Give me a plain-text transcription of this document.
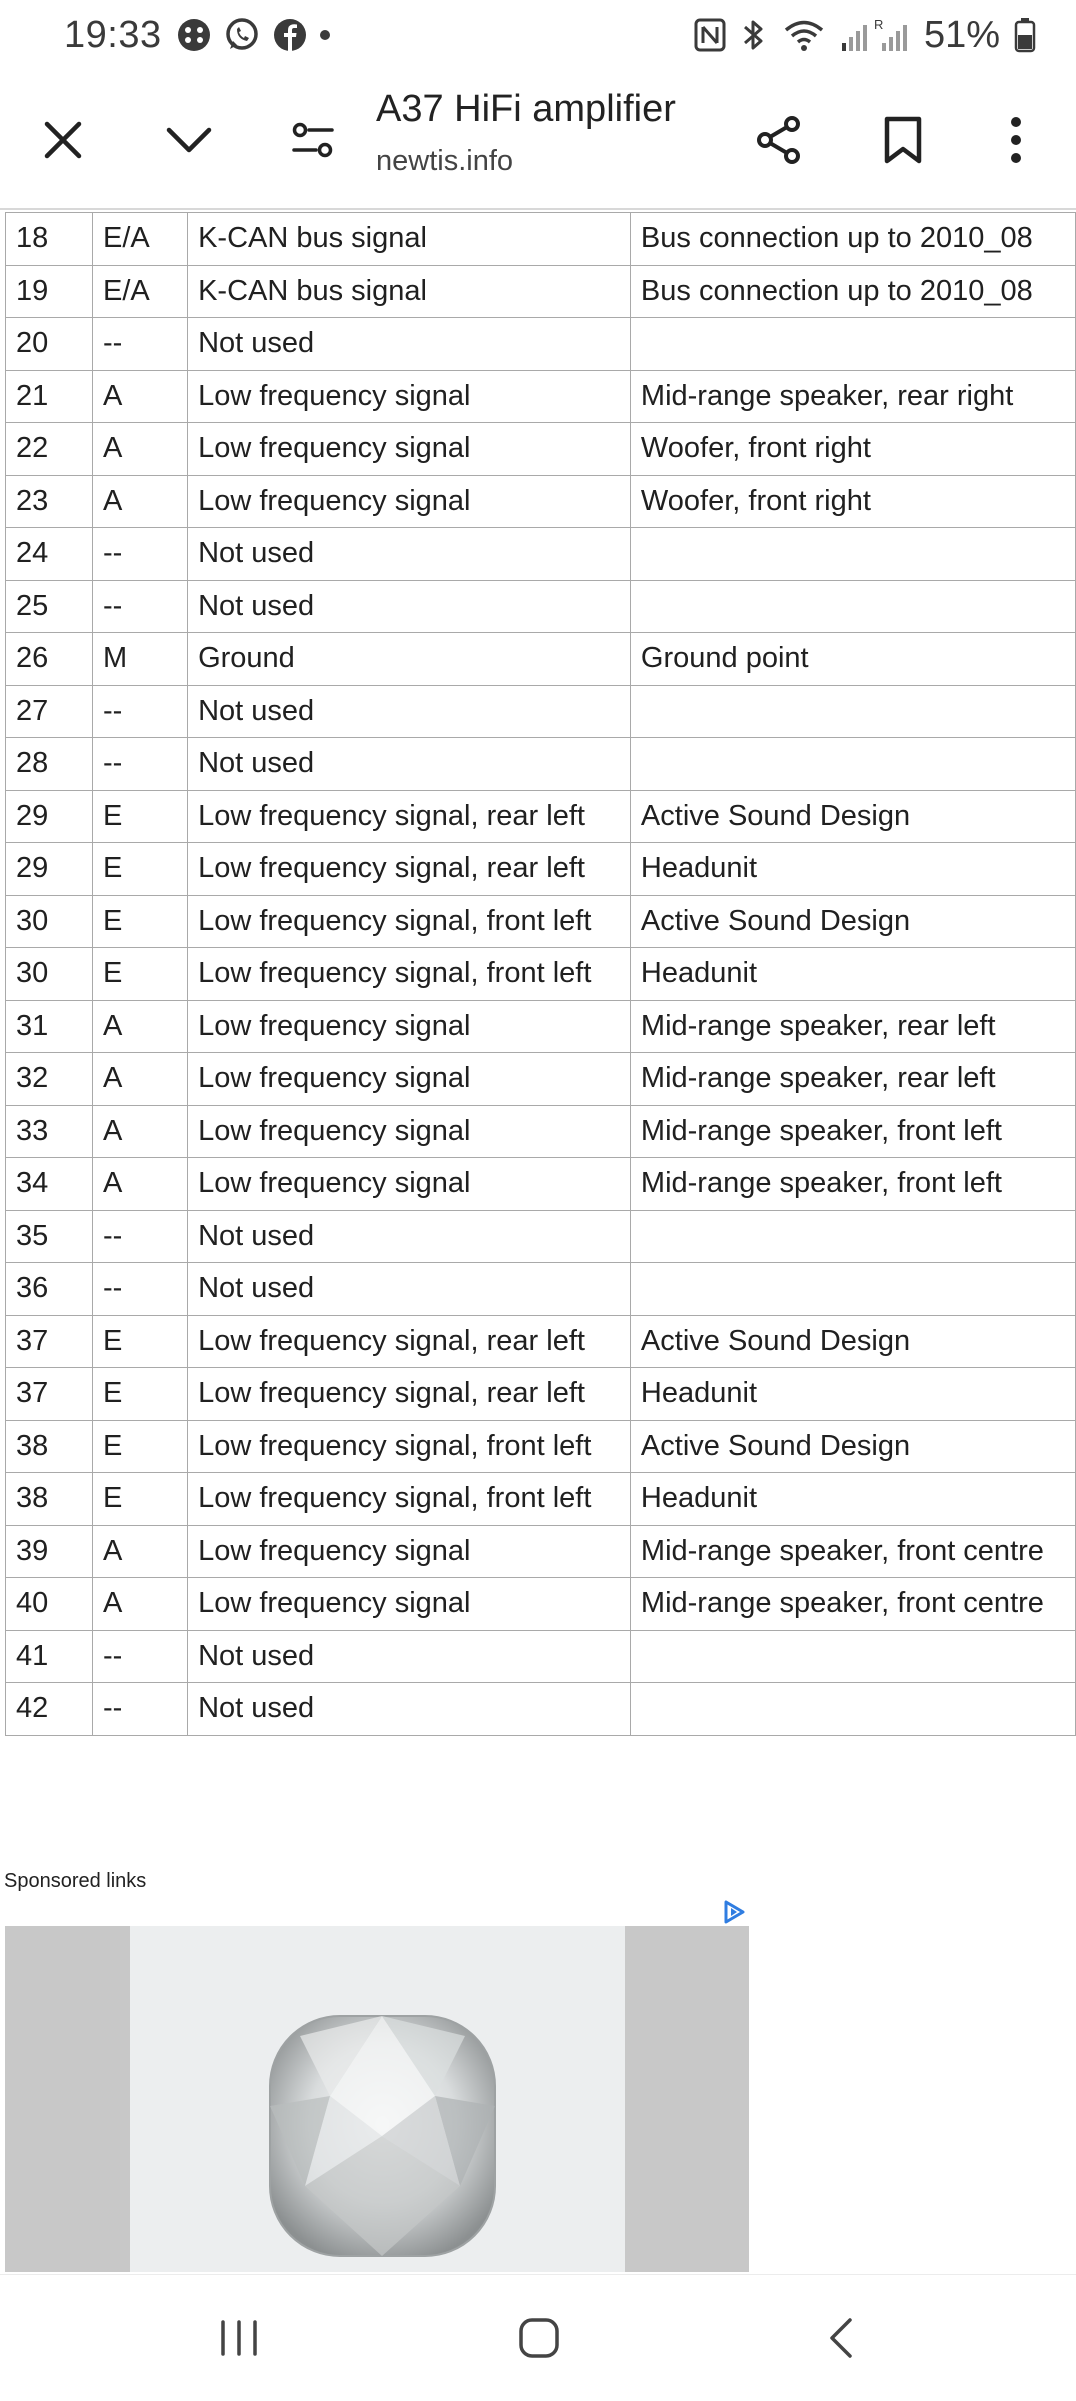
19:33	R 51%
A37 HiFi amplifier
newtis.info
18	E/A	K-CAN bus signal	Bus connection up to 2010_08
19	E/A	K-CAN bus signal	Bus connection up to 2010_08
20	--	Not used	
21	A	Low frequency signal	Mid-range speaker, rear right
22	A	Low frequency signal	Woofer, front right
23	A	Low frequency signal	Woofer, front right
24	--	Not used	
25	--	Not used	
26	M	Ground	Ground point
27	--	Not used	
28	--	Not used	
29	E	Low frequency signal, rear left	Active Sound Design
29	E	Low frequency signal, rear left	Headunit
30	E	Low frequency signal, front left	Active Sound Design
30	E	Low frequency signal, front left	Headunit
31	A	Low frequency signal	Mid-range speaker, rear left
32	A	Low frequency signal	Mid-range speaker, rear left
33	A	Low frequency signal	Mid-range speaker, front left
34	A	Low frequency signal	Mid-range speaker, front left
35	--	Not used	
36	--	Not used	
37	E	Low frequency signal, rear left	Active Sound Design
37	E	Low frequency signal, rear left	Headunit
38	E	Low frequency signal, front left	Active Sound Design
38	E	Low frequency signal, front left	Headunit
39	A	Low frequency signal	Mid-range speaker, front centre
40	A	Low frequency signal	Mid-range speaker, front centre
41	--	Not used	
42	--	Not used	
Sponsored links
